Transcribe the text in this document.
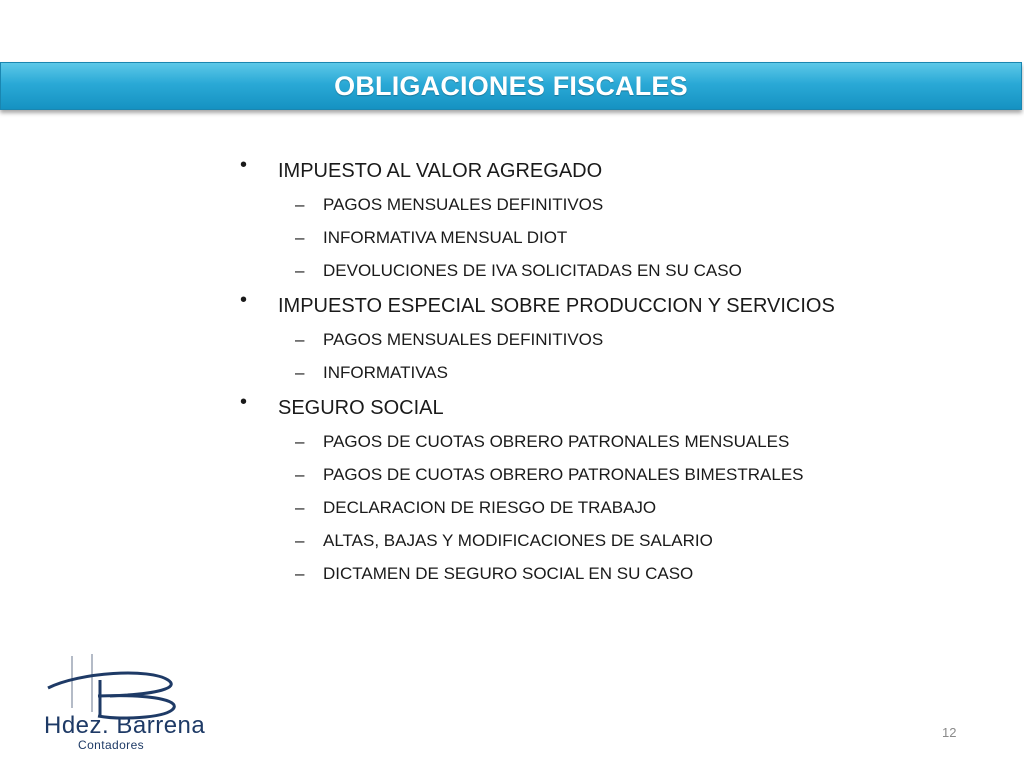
OBLIGACIONES FISCALES
• IMPUESTO AL VALOR AGREGADO
– PAGOS MENSUALES DEFINITIVOS
– INFORMATIVA MENSUAL DIOT
– DEVOLUCIONES DE IVA SOLICITADAS EN SU CASO
• IMPUESTO ESPECIAL SOBRE PRODUCCION Y SERVICIOS
– PAGOS MENSUALES DEFINITIVOS
– INFORMATIVAS
• SEGURO SOCIAL
– PAGOS DE CUOTAS OBRERO PATRONALES MENSUALES
– PAGOS DE CUOTAS OBRERO PATRONALES BIMESTRALES
– DECLARACION DE RIESGO DE TRABAJO
– ALTAS, BAJAS Y MODIFICACIONES DE SALARIO
– DICTAMEN DE SEGURO SOCIAL EN SU CASO
Hdez. Barrena
Contadores
12
